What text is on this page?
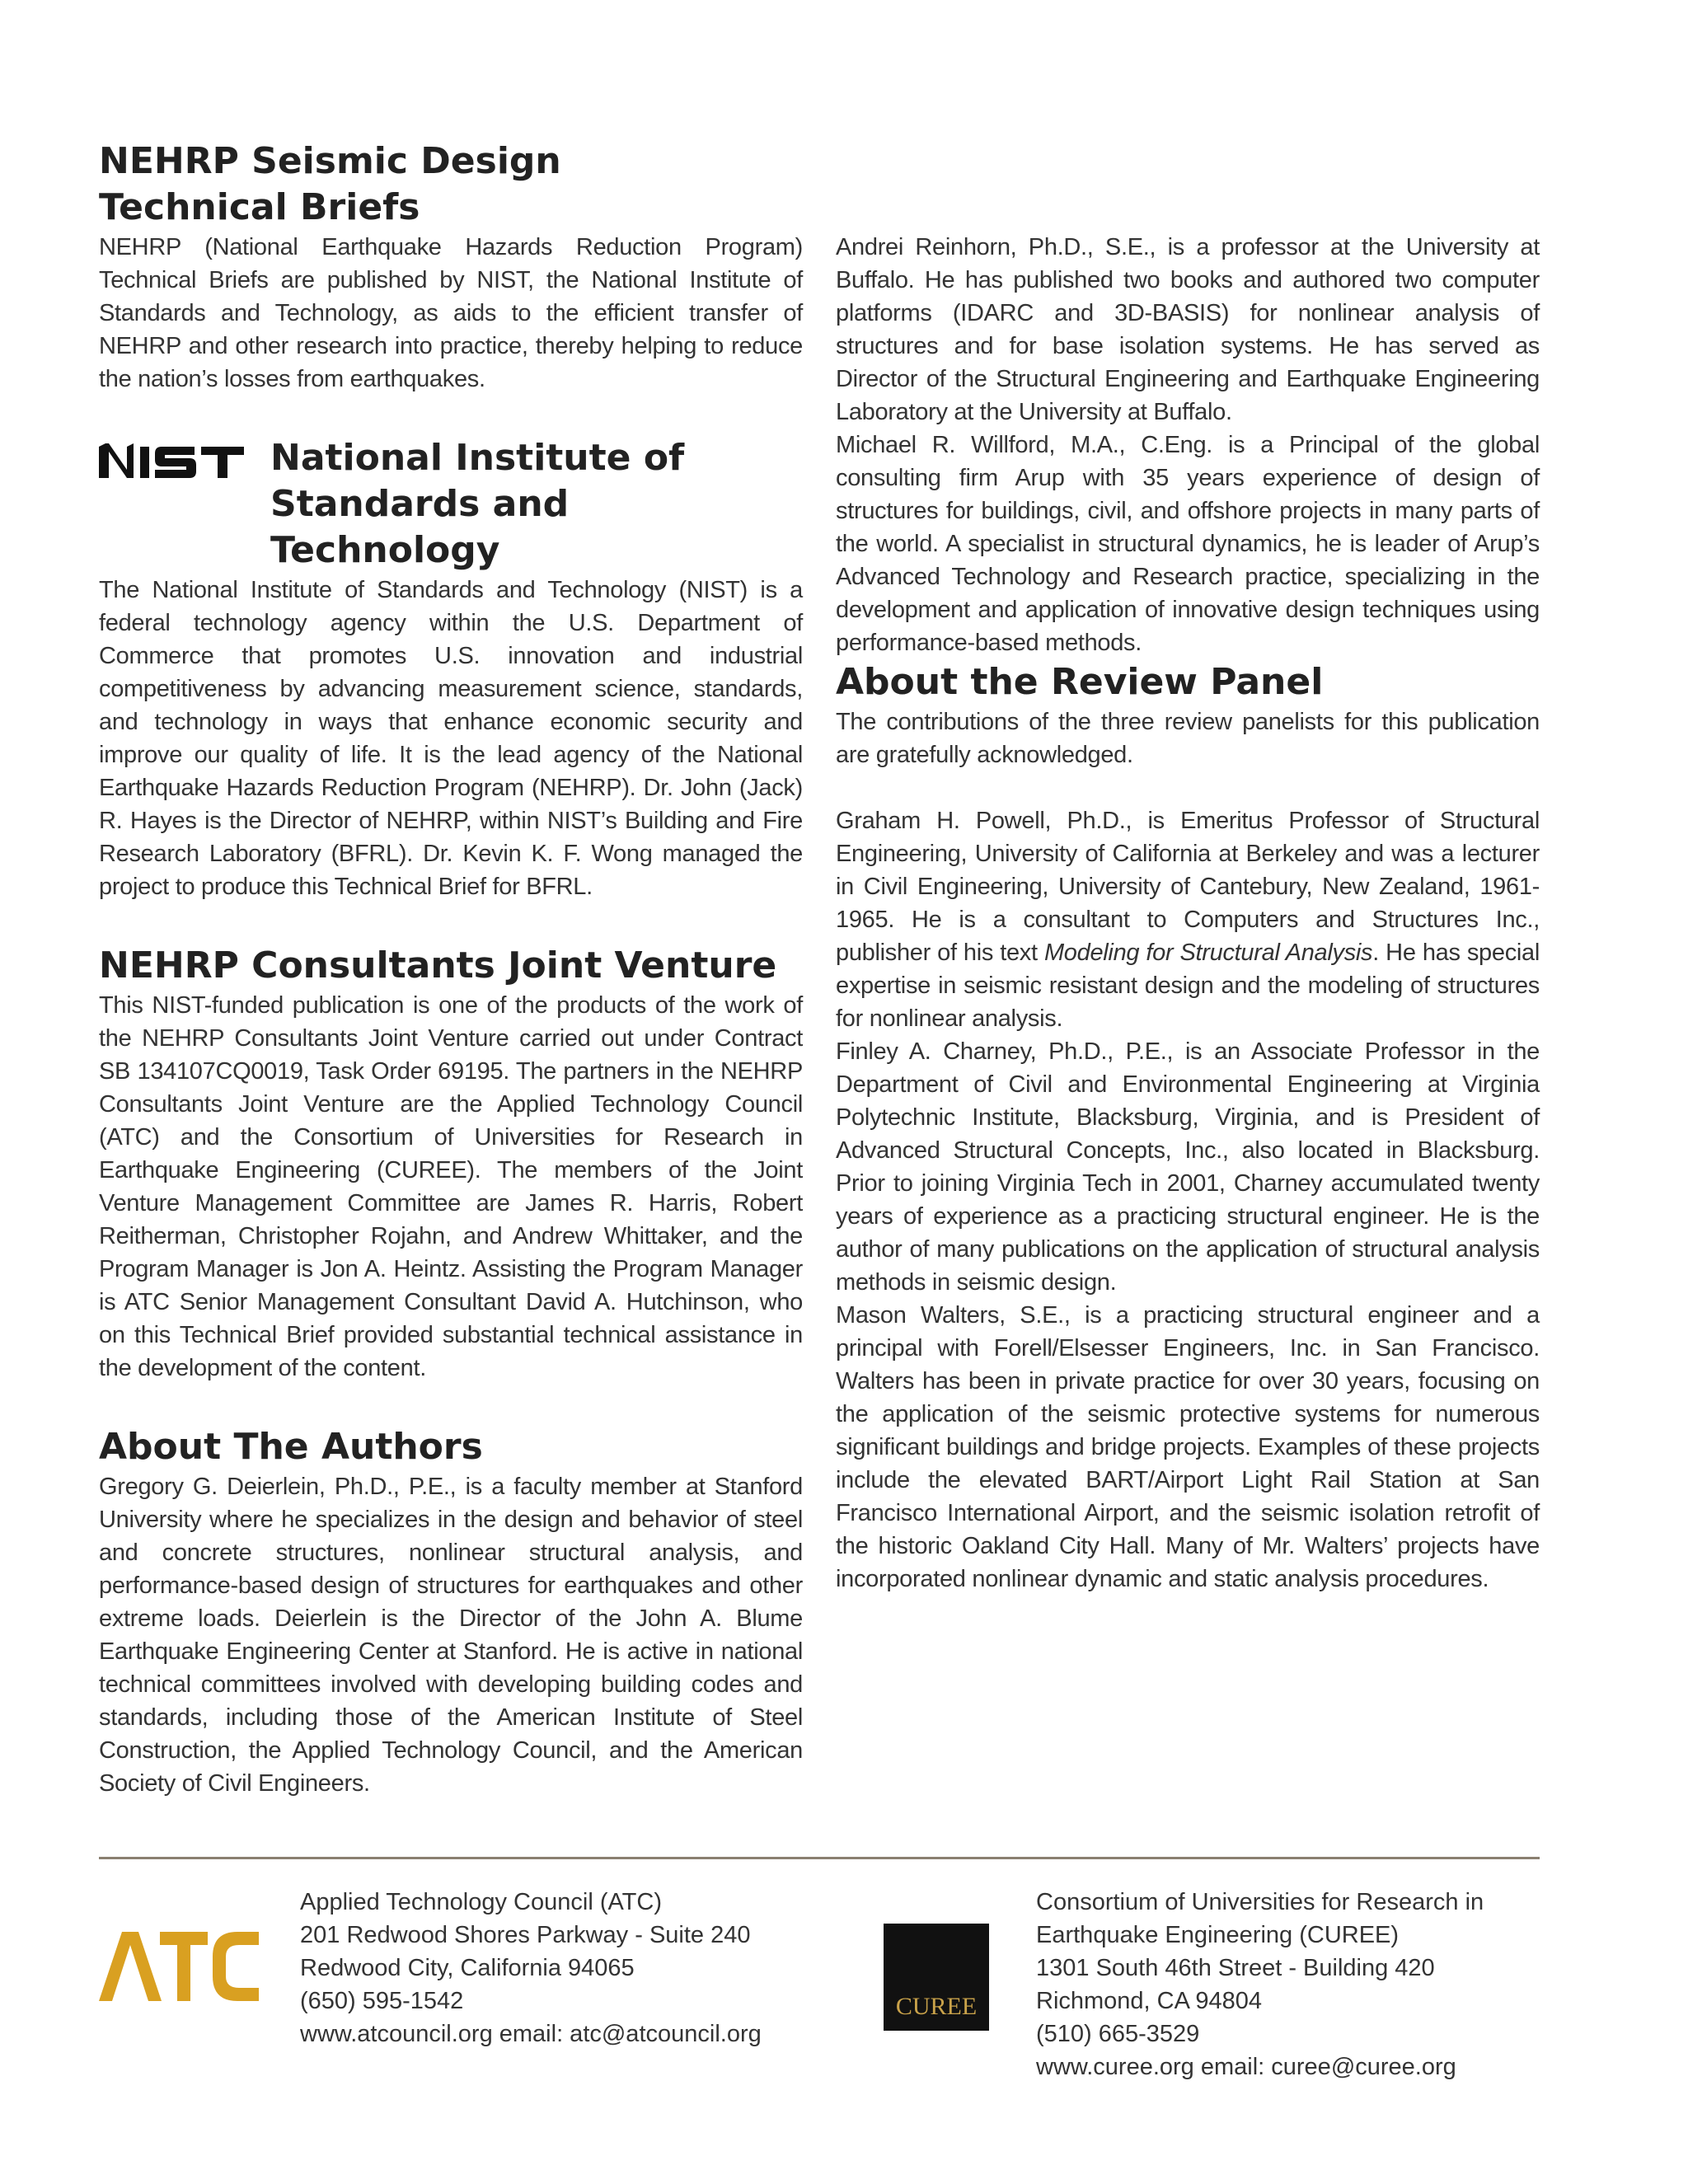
NEHRP Seismic Design
Technical Briefs

NEHRP (National Earthquake Hazards Reduction Program) Technical Briefs are published by NIST, the National Institute of Standards and Technology, as aids to the efficient transfer of NEHRP and other research into practice, thereby helping to reduce the nation’s losses from earthquakes.

National Institute of
Standards and Technology

The National Institute of Standards and Technology (NIST) is a federal technology agency within the U.S. Department of Commerce that promotes U.S. innovation and industrial competitiveness by advancing measurement science, standards, and technology in ways that enhance economic security and improve our quality of life. It is the lead agency of the National Earthquake Hazards Reduction Program (NEHRP). Dr. John (Jack) R. Hayes is the Director of NEHRP, within NIST’s Building and Fire Research Laboratory (BFRL). Dr. Kevin K. F. Wong managed the project to produce this Technical Brief for BFRL.

NEHRP Consultants Joint Venture

This NIST-funded publication is one of the products of the work of the NEHRP Consultants Joint Venture carried out under Contract SB 134107CQ0019, Task Order 69195. The partners in the NEHRP Consultants Joint Venture are the Applied Technology Council (ATC) and the Consortium of Universities for Research in Earthquake Engineering (CUREE). The members of the Joint Venture Management Committee are James R. Harris, Robert Reitherman, Christopher Rojahn, and Andrew Whittaker, and the Program Manager is Jon A. Heintz. Assisting the Program Manager is ATC Senior Management Consultant David A. Hutchinson, who on this Technical Brief provided substantial technical assistance in the development of the content.

About The Authors

Gregory G. Deierlein, Ph.D., P.E., is a faculty member at Stanford University where he specializes in the design and behavior of steel and concrete structures, nonlinear structural analysis, and performance-based design of structures for earthquakes and other extreme loads. Deierlein is the Director of the John A. Blume Earthquake Engineering Center at Stanford. He is active in national technical committees involved with developing building codes and standards, including those of the American Institute of Steel Construction, the Applied Technology Council, and the American Society of Civil Engineers.

Andrei Reinhorn, Ph.D., S.E., is a professor at the University at Buffalo. He has published two books and authored two computer platforms (IDARC and 3D-BASIS) for nonlinear analysis of structures and for base isolation systems. He has served as Director of the Structural Engineering and Earthquake Engineering Laboratory at the University at Buffalo.

Michael R. Willford, M.A., C.Eng. is a Principal of the global consulting firm Arup with 35 years experience of design of structures for buildings, civil, and offshore projects in many parts of the world. A specialist in structural dynamics, he is leader of Arup’s Advanced Technology and Research practice, specializing in the development and application of innovative design techniques using performance-based methods.

About the Review Panel

The contributions of the three review panelists for this publication are gratefully acknowledged.

Graham H. Powell, Ph.D., is Emeritus Professor of Structural Engineering, University of California at Berkeley and was a lecturer in Civil Engineering, University of Cantebury, New Zealand, 1961-1965. He is a consultant to Computers and Structures Inc., publisher of his text Modeling for Structural Analysis. He has special expertise in seismic resistant design and the modeling of structures for nonlinear analysis.

Finley A. Charney, Ph.D., P.E., is an Associate Professor in the Department of Civil and Environmental Engineering at Virginia Polytechnic Institute, Blacksburg, Virginia, and is President of Advanced Structural Concepts, Inc., also located in Blacksburg. Prior to joining Virginia Tech in 2001, Charney accumulated twenty years of experience as a practicing structural engineer. He is the author of many publications on the application of structural analysis methods in seismic design.

Mason Walters, S.E., is a practicing structural engineer and a principal with Forell/Elsesser Engineers, Inc. in San Francisco. Walters has been in private practice for over 30 years, focusing on the application of the seismic protective systems for numerous significant buildings and bridge projects. Examples of these projects include the elevated BART/Airport Light Rail Station at San Francisco International Airport, and the seismic isolation retrofit of the historic Oakland City Hall. Many of Mr. Walters’ projects have incorporated nonlinear dynamic and static analysis procedures.

Applied Technology Council (ATC)
201 Redwood Shores Parkway - Suite 240
Redwood City, California 94065
(650) 595-1542
www.atcouncil.org email: atc@atcouncil.org
CUREE
Consortium of Universities for Research in
Earthquake Engineering (CUREE)
1301 South 46th Street - Building 420
Richmond, CA 94804
(510) 665-3529
www.curee.org email: curee@curee.org
